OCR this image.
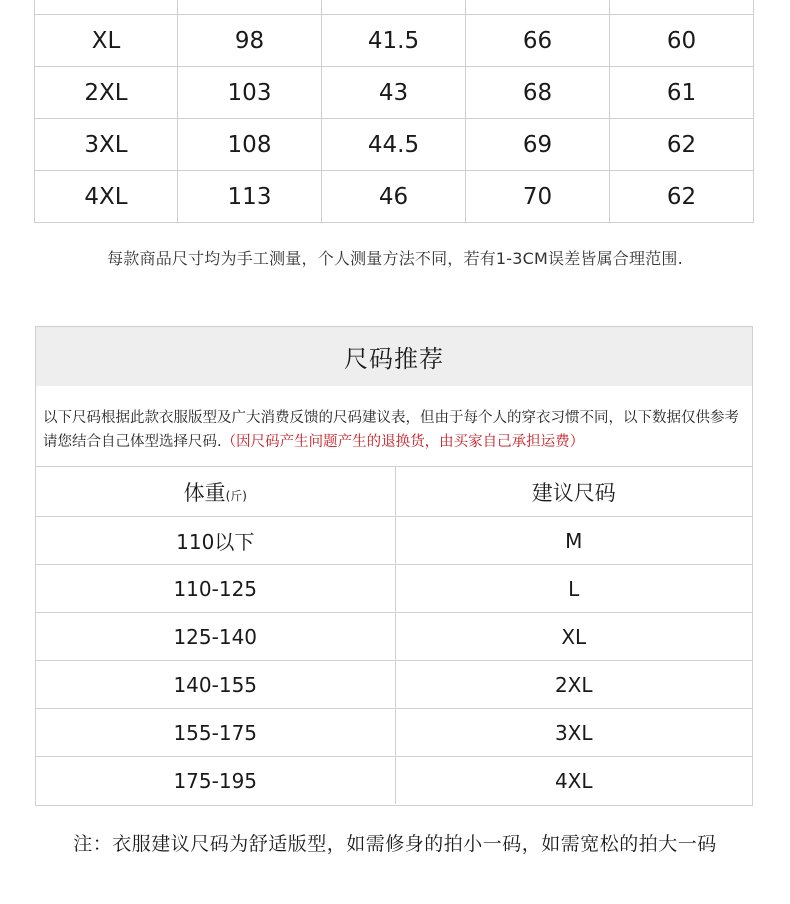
XL	98	41.5	66	60
2XL	103	43	68	61
3XL	108	44.5	69	62
4XL	113	46	70	62
每款商品尺寸均为手工测量，个人测量方法不同，若有1-3CM误差皆属合理范围.
尺码推荐
以下尺码根据此款衣服版型及广大消费反馈的尺码建议表，但由于每个人的穿衣习惯不同，以下数据仅供参考请您结合自己体型选择尺码.（因尺码产生问题产生的退换货，由买家自己承担运费）
体重(斤)	建议尺码
110以下	M
110-125	L
125-140	XL
140-155	2XL
155-175	3XL
175-195	4XL
注：衣服建议尺码为舒适版型，如需修身的拍小一码，如需宽松的拍大一码
